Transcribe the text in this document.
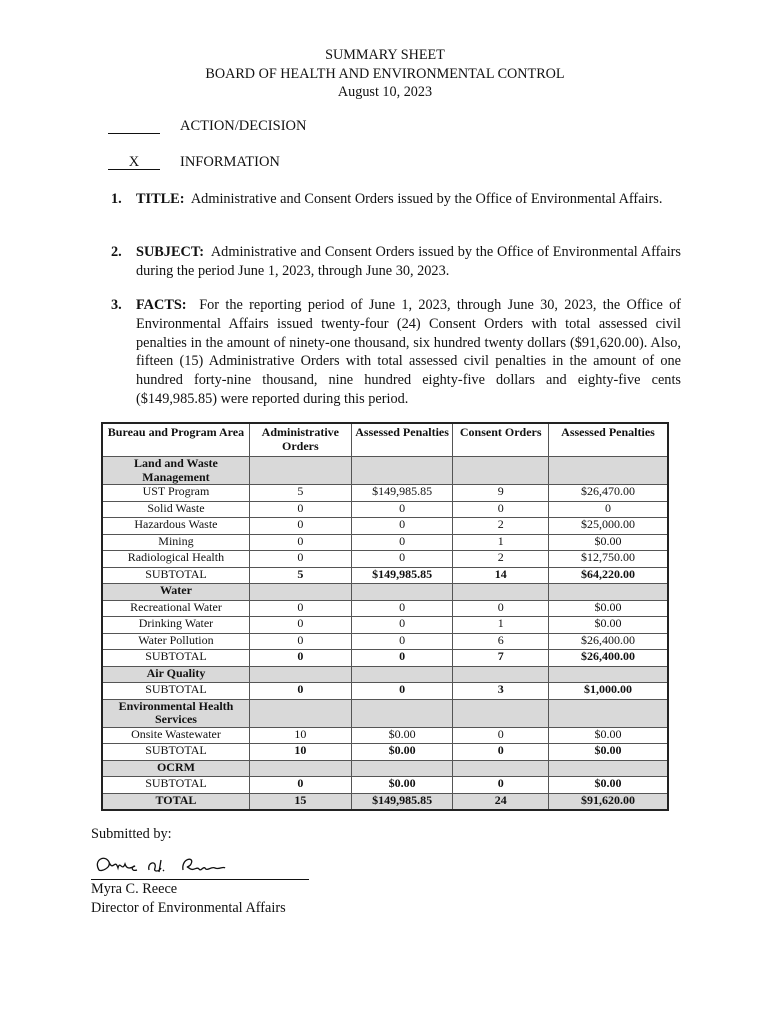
SUMMARY SHEET
BOARD OF HEALTH AND ENVIRONMENTAL CONTROL
August 10, 2023
ACTION/DECISION
X	INFORMATION
1. TITLE: Administrative and Consent Orders issued by the Office of Environmental Affairs.
2. SUBJECT: Administrative and Consent Orders issued by the Office of Environmental Affairs during the period June 1, 2023, through June 30, 2023.
3. FACTS: For the reporting period of June 1, 2023, through June 30, 2023, the Office of Environmental Affairs issued twenty-four (24) Consent Orders with total assessed civil penalties in the amount of ninety-one thousand, six hundred twenty dollars ($91,620.00). Also, fifteen (15) Administrative Orders with total assessed civil penalties in the amount of one hundred forty-nine thousand, nine hundred eighty-five dollars and eighty-five cents ($149,985.85) were reported during this period.
Bureau and Program Area	Administrative Orders	Assessed Penalties	Consent Orders	Assessed Penalties
Land and Waste Management				
UST Program	5	$149,985.85	9	$26,470.00
Solid Waste	0	0	0	0
Hazardous Waste	0	0	2	$25,000.00
Mining	0	0	1	$0.00
Radiological Health	0	0	2	$12,750.00
SUBTOTAL	5	$149,985.85	14	$64,220.00
Water				
Recreational Water	0	0	0	$0.00
Drinking Water	0	0	1	$0.00
Water Pollution	0	0	6	$26,400.00
SUBTOTAL	0	0	7	$26,400.00
Air Quality				
SUBTOTAL	0	0	3	$1,000.00
Environmental Health Services				
Onsite Wastewater	10	$0.00	0	$0.00
SUBTOTAL	10	$0.00	0	$0.00
OCRM				
SUBTOTAL	0	$0.00	0	$0.00
TOTAL	15	$149,985.85	24	$91,620.00
Submitted by:
Myra C. Reece
Director of Environmental Affairs
